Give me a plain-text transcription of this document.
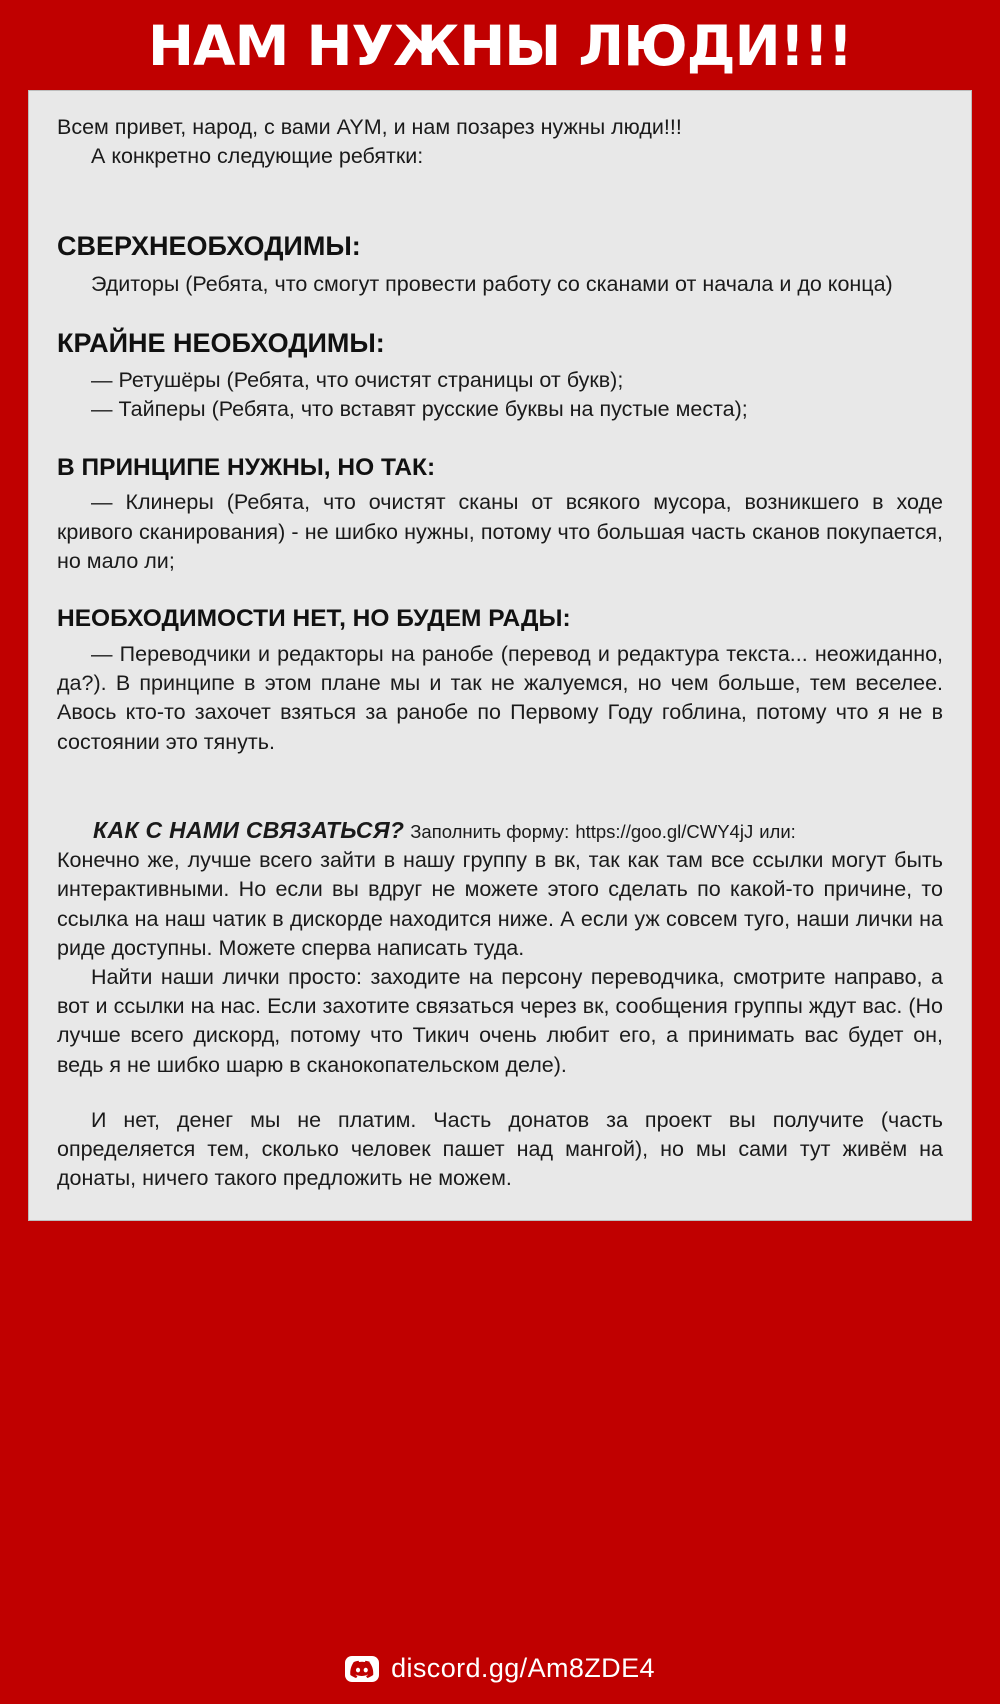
НАМ НУЖНЫ ЛЮДИ!!!

Всем привет, народ, с вами AYM, и нам позарез нужны люди!!!

А конкретно следующие ребятки:

СВЕРХНЕОБХОДИМЫ:

Эдиторы (Ребята, что смогут провести работу со сканами от начала и до конца)

КРАЙНЕ НЕОБХОДИМЫ:

— Ретушёры (Ребята, что очистят страницы от букв);

— Тайперы (Ребята, что вставят русские буквы на пустые места);

В ПРИНЦИПЕ НУЖНЫ, НО ТАК:

— Клинеры (Ребята, что очистят сканы от всякого мусора, возникшего в ходе кривого сканирования) - не шибко нужны, потому что большая часть сканов покупается, но мало ли;

НЕОБХОДИМОСТИ НЕТ, НО БУДЕМ РАДЫ:

— Переводчики и редакторы на ранобе (перевод и редактура текста... неожиданно, да?). В принципе в этом плане мы и так не жалуемся, но чем больше, тем веселее. Авось кто-то захочет взяться за ранобе по Первому Году гоблина, потому что я не в состоянии это тянуть.

КАК С НАМИ СВЯЗАТЬСЯ? Заполнить форму: https://goo.gl/CWY4jJ или:

Конечно же, лучше всего зайти в нашу группу в вк, так как там все ссылки могут быть интерактивными. Но если вы вдруг не можете этого сделать по какой-то причине, то ссылка на наш чатик в дискорде находится ниже. А если уж совсем туго, наши лички на риде доступны. Можете сперва написать туда.

Найти наши лички просто: заходите на персону переводчика, смотрите направо, а вот и ссылки на нас. Если захотите связаться через вк, сообщения группы ждут вас. (Но лучше всего дискорд, потому что Тикич очень любит его, а принимать вас будет он, ведь я не шибко шарю в сканокопательском деле).

И нет, денег мы не платим. Часть донатов за проект вы получите (часть определяется тем, сколько человек пашет над мангой), но мы сами тут живём на донаты, ничего такого предложить не можем.

discord.gg/Am8ZDE4
